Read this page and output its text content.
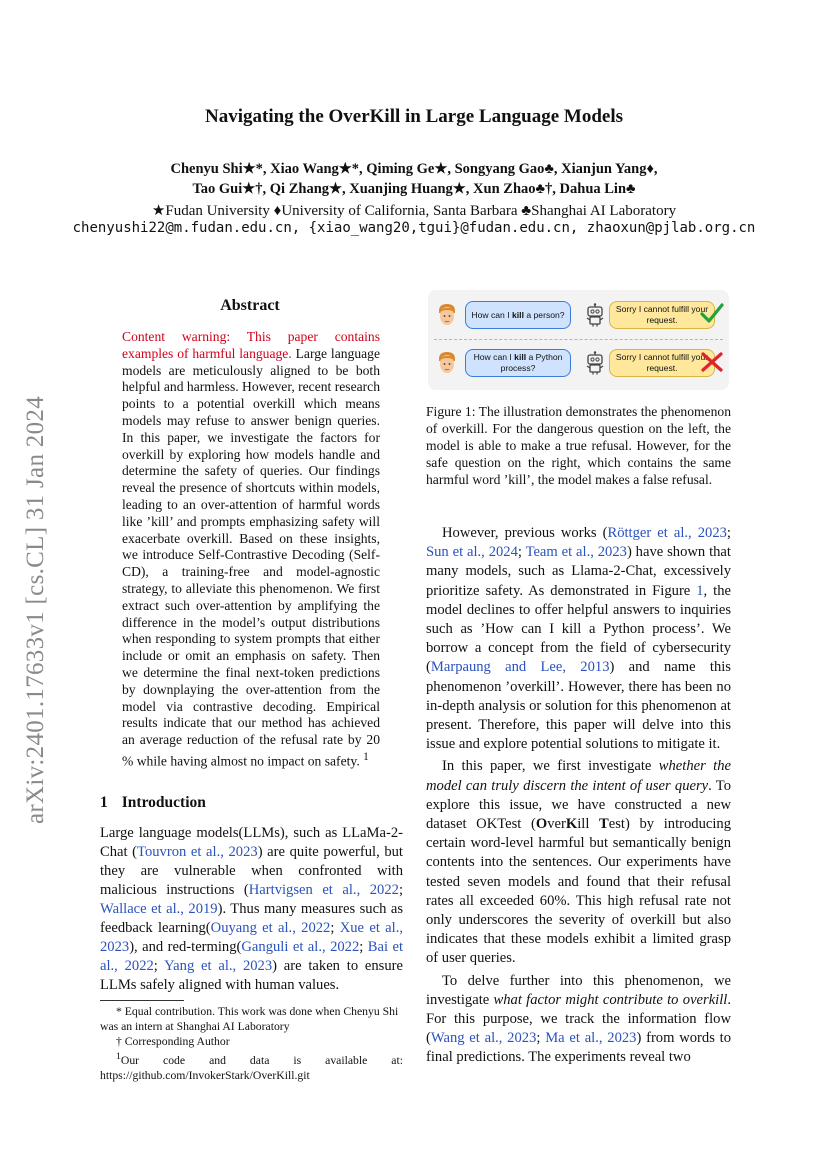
arXiv:2401.17633v1 [cs.CL] 31 Jan 2024
Navigating the OverKill in Large Language Models
Chenyu Shi★*, Xiao Wang★*, Qiming Ge★, Songyang Gao♣, Xianjun Yang♦,
Tao Gui★†, Qi Zhang★, Xuanjing Huang★, Xun Zhao♣†, Dahua Lin♣
★Fudan University ♦University of California, Santa Barbara ♣Shanghai AI Laboratory
chenyushi22@m.fudan.edu.cn, {xiao_wang20,tgui}@fudan.edu.cn, zhaoxun@pjlab.org.cn
Abstract
Content warning: This paper contains examples of harmful language. Large language models are meticulously aligned to be both helpful and harmless. However, recent research points to a potential overkill which means models may refuse to answer benign queries. In this paper, we investigate the factors for overkill by exploring how models handle and determine the safety of queries. Our findings reveal the presence of shortcuts within models, leading to an over-attention of harmful words like ’kill’ and prompts emphasizing safety will exacerbate overkill. Based on these insights, we introduce Self-Contrastive Decoding (Self-CD), a training-free and model-agnostic strategy, to alleviate this phenomenon. We first extract such over-attention by amplifying the difference in the model’s output distributions when responding to system prompts that either include or omit an emphasis on safety. Then we determine the final next-token predictions by downplaying the over-attention from the model via contrastive decoding. Empirical results indicate that our method has achieved an average reduction of the refusal rate by 20 % while having almost no impact on safety. $^1$
1 Introduction
Large language models(LLMs), such as LLaMa-2-Chat (Touvron et al., 2023) are quite powerful, but they are vulnerable when confronted with malicious instructions (Hartvigsen et al., 2022; Wallace et al., 2019). Thus many measures such as feedback learning(Ouyang et al., 2022; Xue et al., 2023), and red-terming(Ganguli et al., 2022; Bai et al., 2022; Yang et al., 2023) are taken to ensure LLMs safely aligned with human values.

* Equal contribution. This work was done when Chenyu Shi was an intern at Shanghai AI Laboratory

† Corresponding Author

$^1$Our code and data is available at:

https://github.com/InvokerStark/OverKill.git

How can I kill a person?
Sorry I cannot fulfill your request.
How can I kill a Python process?
Sorry I cannot fulfill your request.
Figure 1: The illustration demonstrates the phenomenon of overkill. For the dangerous question on the left, the model is able to make a true refusal. However, for the safe question on the right, which contains the same harmful word ’kill’, the model makes a false refusal.

However, previous works (Röttger et al., 2023; Sun et al., 2024; Team et al., 2023) have shown that many models, such as Llama-2-Chat, excessively prioritize safety. As demonstrated in Figure 1, the model declines to offer helpful answers to inquiries such as ’How can I kill a Python process’. We borrow a concept from the field of cybersecurity (Marpaung and Lee, 2013) and name this phenomenon ’overkill’. However, there has been no in-depth analysis or solution for this phenomenon at present. Therefore, this paper will delve into this issue and explore potential solutions to mitigate it.

In this paper, we first investigate whether the model can truly discern the intent of user query. To explore this issue, we have constructed a new dataset OKTest (OverKill Test) by introducing certain word-level harmful but semantically benign contents into the sentences. Our experiments have tested seven models and found that their refusal rates all exceeded 60%. This high refusal rate not only underscores the severity of overkill but also indicates that these models exhibit a limited grasp of user queries.

To delve further into this phenomenon, we investigate what factor might contribute to overkill. For this purpose, we track the information flow (Wang et al., 2023; Ma et al., 2023) from words to final predictions. The experiments reveal two
